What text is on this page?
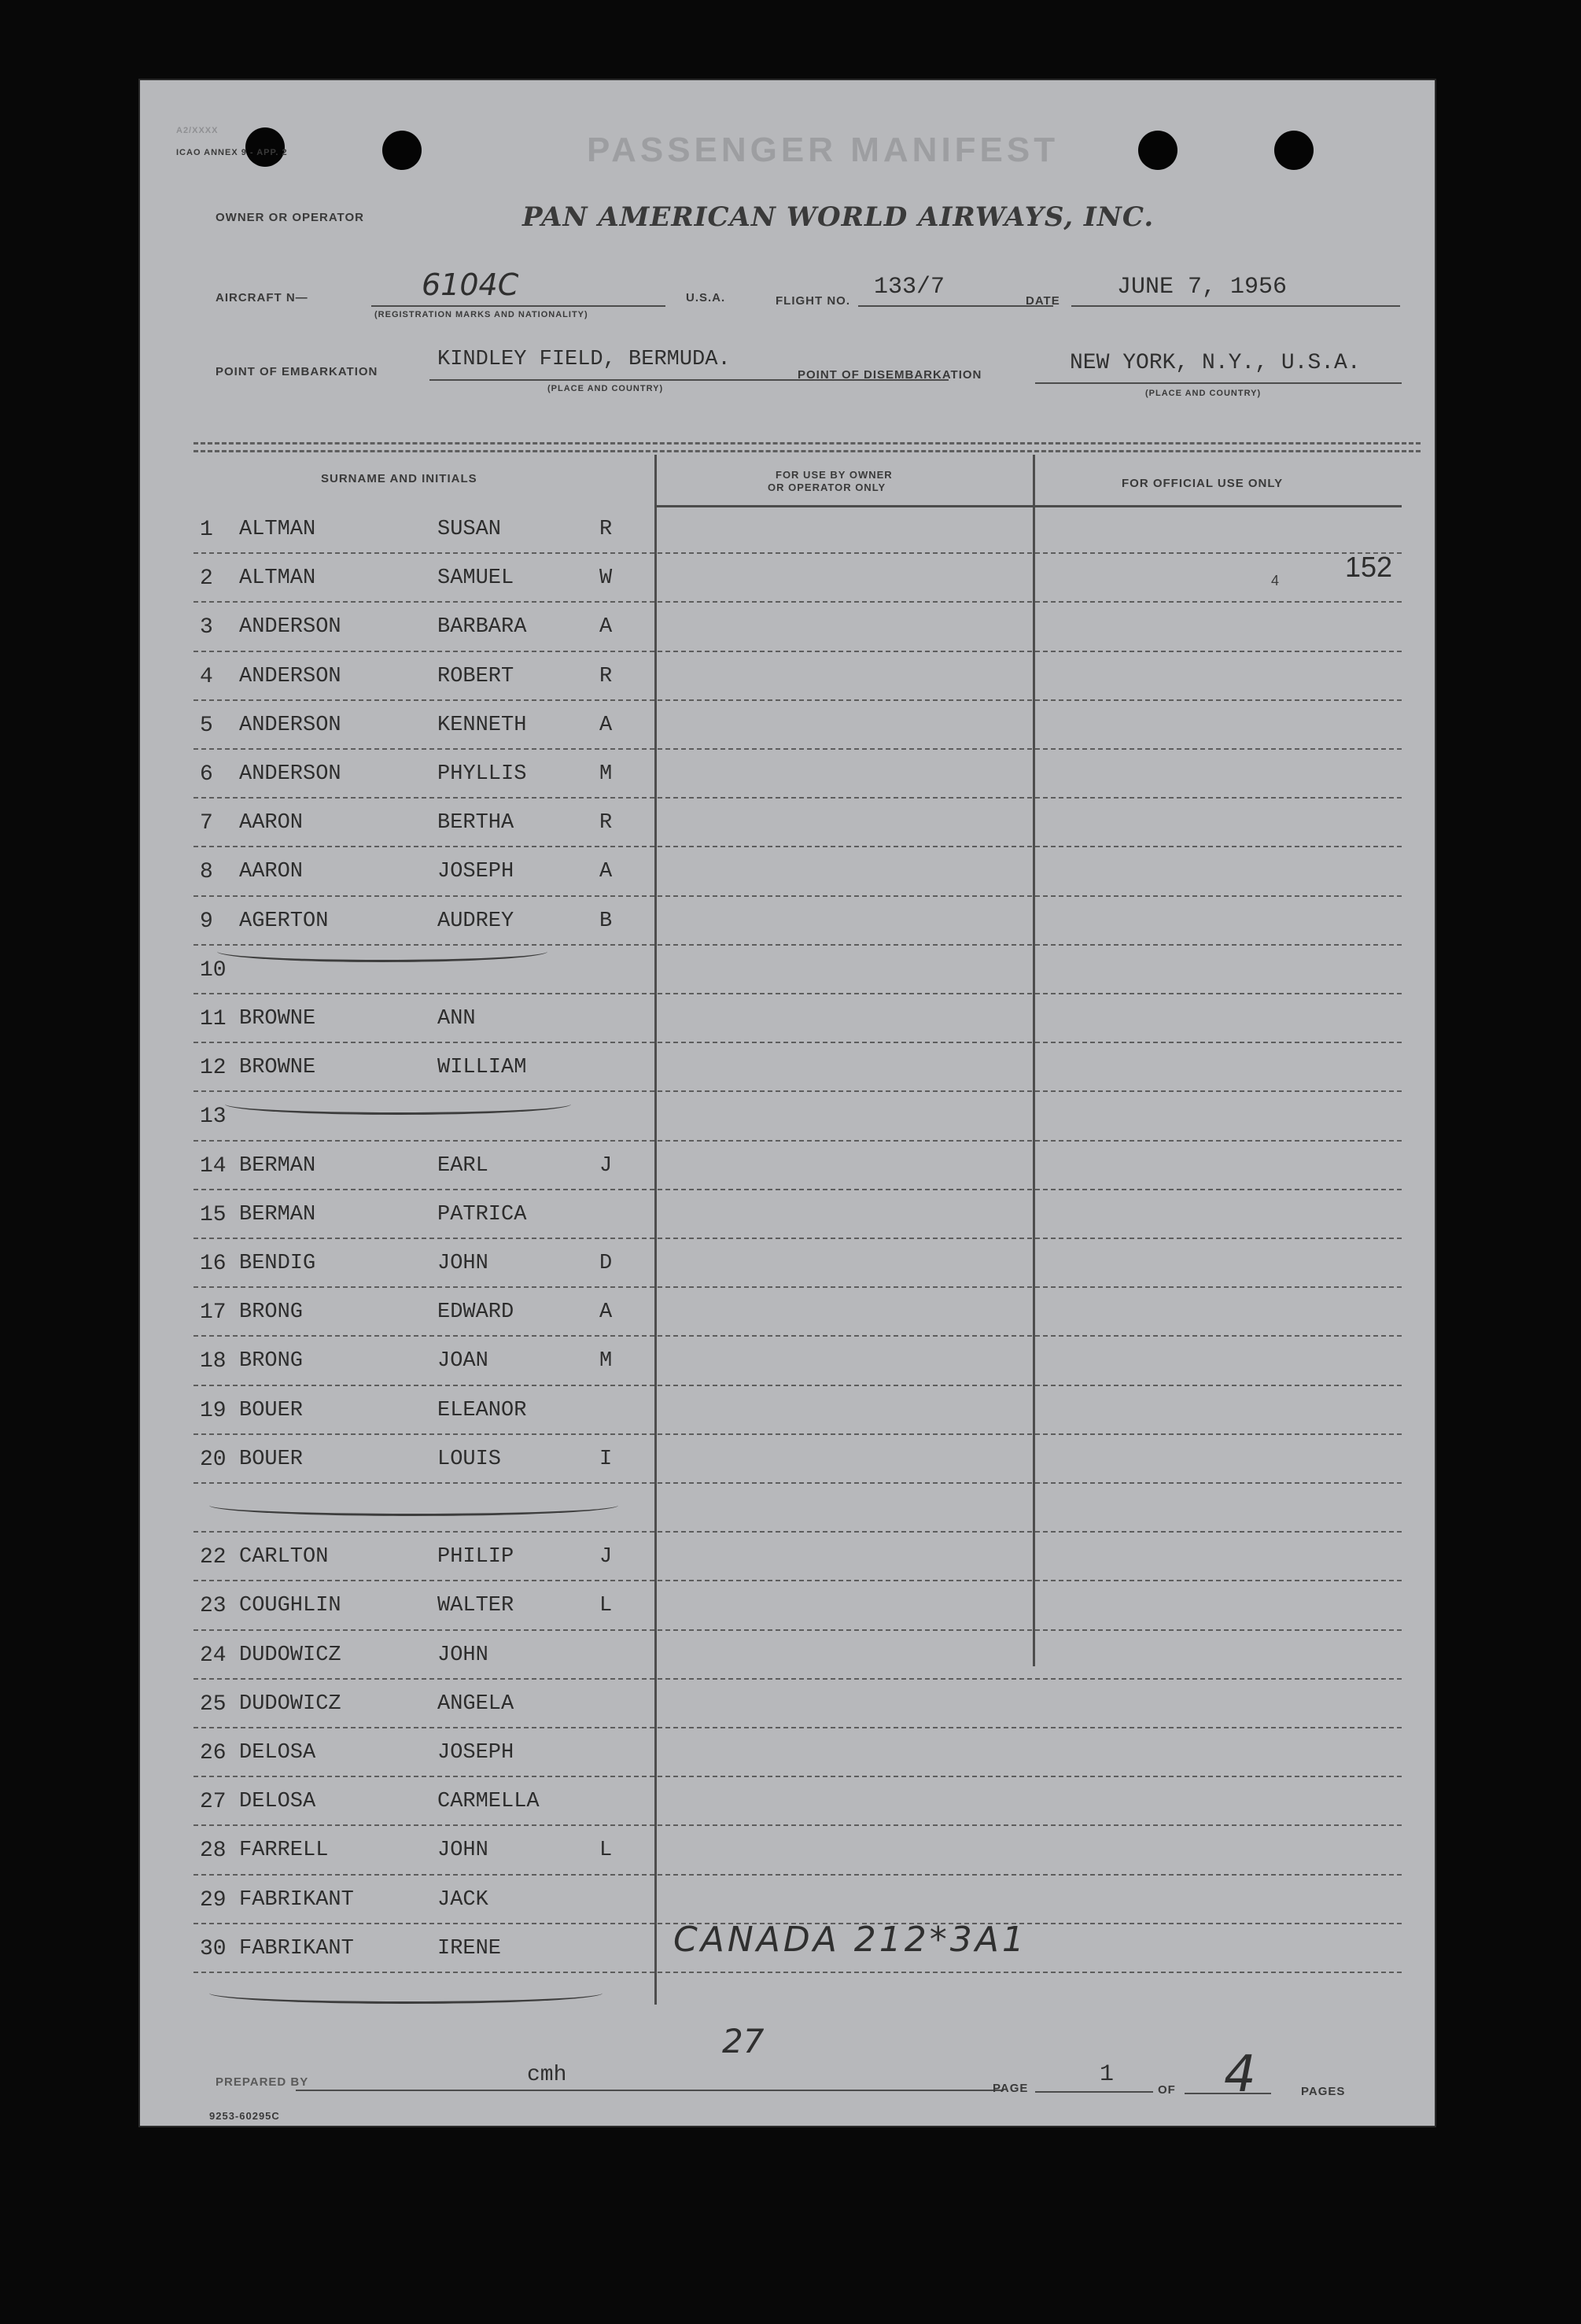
A2/XXXX
ICAO ANNEX 9 - APP. 2	PASSENGER MANIFEST
OWNER OR OPERATOR	PAN AMERICAN WORLD AIRWAYS, INC.
AIRCRAFT N—	6104C
(REGISTRATION MARKS AND NATIONALITY)
U.S.A.	FLIGHT NO.
133/7
DATE
JUNE 7, 1956
POINT OF EMBARKATION
KINDLEY FIELD, BERMUDA.
(PLACE AND COUNTRY)
POINT OF DISEMBARKATION	NEW YORK, N.Y., U.S.A.
(PLACE AND COUNTRY)
SURNAME AND INITIALS	FOR USE BY OWNER
OR OPERATOR ONLY	FOR OFFICIAL USE ONLY
1 ALTMAN	SUSAN	R
2 ALTMAN	SAMUEL	W
3 ANDERSON	BARBARA	A
4 ANDERSON	ROBERT	R
5 ANDERSON	KENNETH	A
6 ANDERSON	PHYLLIS	M
7 AARON	BERTHA	R
8 AARON	JOSEPH	A
9 AGERTON	AUDREY	B
10
11 BROWNE	ANN
12 BROWNE	WILLIAM
13
14 BERMAN	EARL	J
15 BERMAN	PATRICA
16 BENDIG	JOHN	D
17 BRONG	EDWARD	A
18 BRONG	JOAN	M
19 BOUER	ELEANOR
20 BOUER	LOUIS	I
22 CARLTON	PHILIP	J
23 COUGHLIN	WALTER	L
24 DUDOWICZ	JOHN
25 DUDOWICZ	ANGELA
26 DELOSA	JOSEPH
27 DELOSA	CARMELLA
28 FARRELL	JOHN	L
29 FABRIKANT	JACK
30 FABRIKANT	IRENE
152
4
CANADA 212*3A1
27
PREPARED BY	cmh
PAGE
1
OF 4	PAGES
9253-60295C
